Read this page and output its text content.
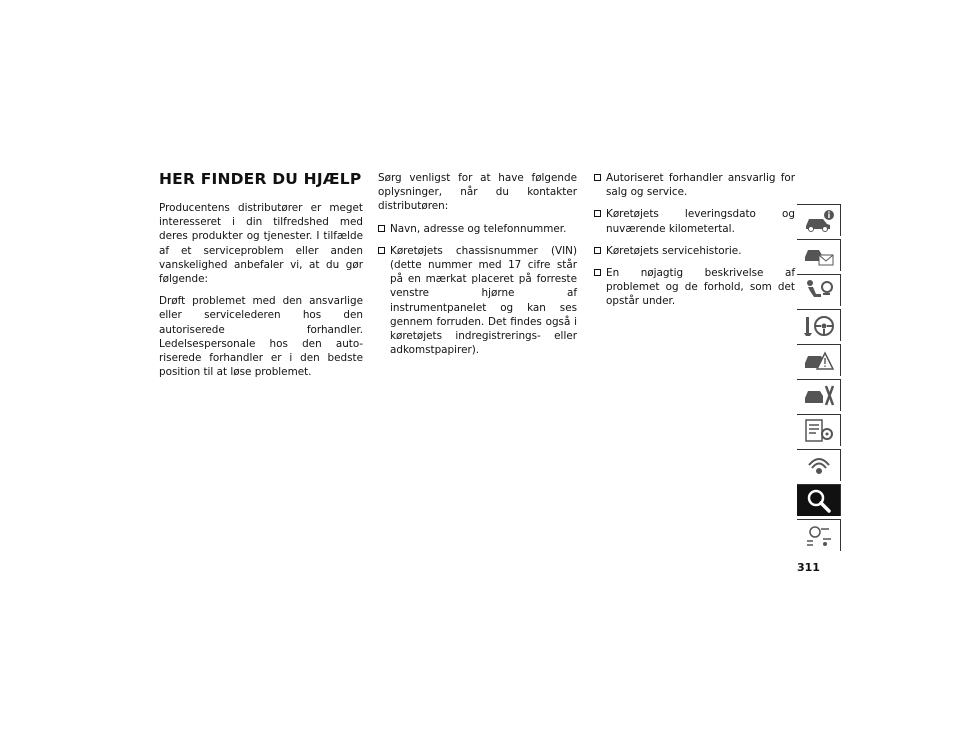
HER FINDER DU HJÆLP

Producentens distributører er meget interesseret i din tilfredshed med deres produkter og tjenester. I tilfælde af et serviceproblem eller anden vanskelighed anbefaler vi, at du gør følgende:

Drøft problemet med den ansvarlige eller servicelederen hos den autoriserede forhandler. Ledelsespersonale hos den autoriserede forhandler er i den bedste position til at løse problemet.

Sørg venligst for at have følgende oplysninger, når du kontakter distributøren:

Navn, adresse og telefonnummer.
Køretøjets chassisnummer (VIN) (dette nummer med 17 cifre står på en mærkat placeret på forreste venstre hjørne af instrumentpanelet og kan ses gennem forruden. Det findes også i køretøjets indregistrerings- eller adkomstpapirer).
Autoriseret forhandler ansvarlig for salg og service.
Køretøjets leveringsdato og nuværende kilometertal.
Køretøjets servicehistorie.
En nøjagtig beskrivelse af problemet og de forhold, som det opstår under.
311
